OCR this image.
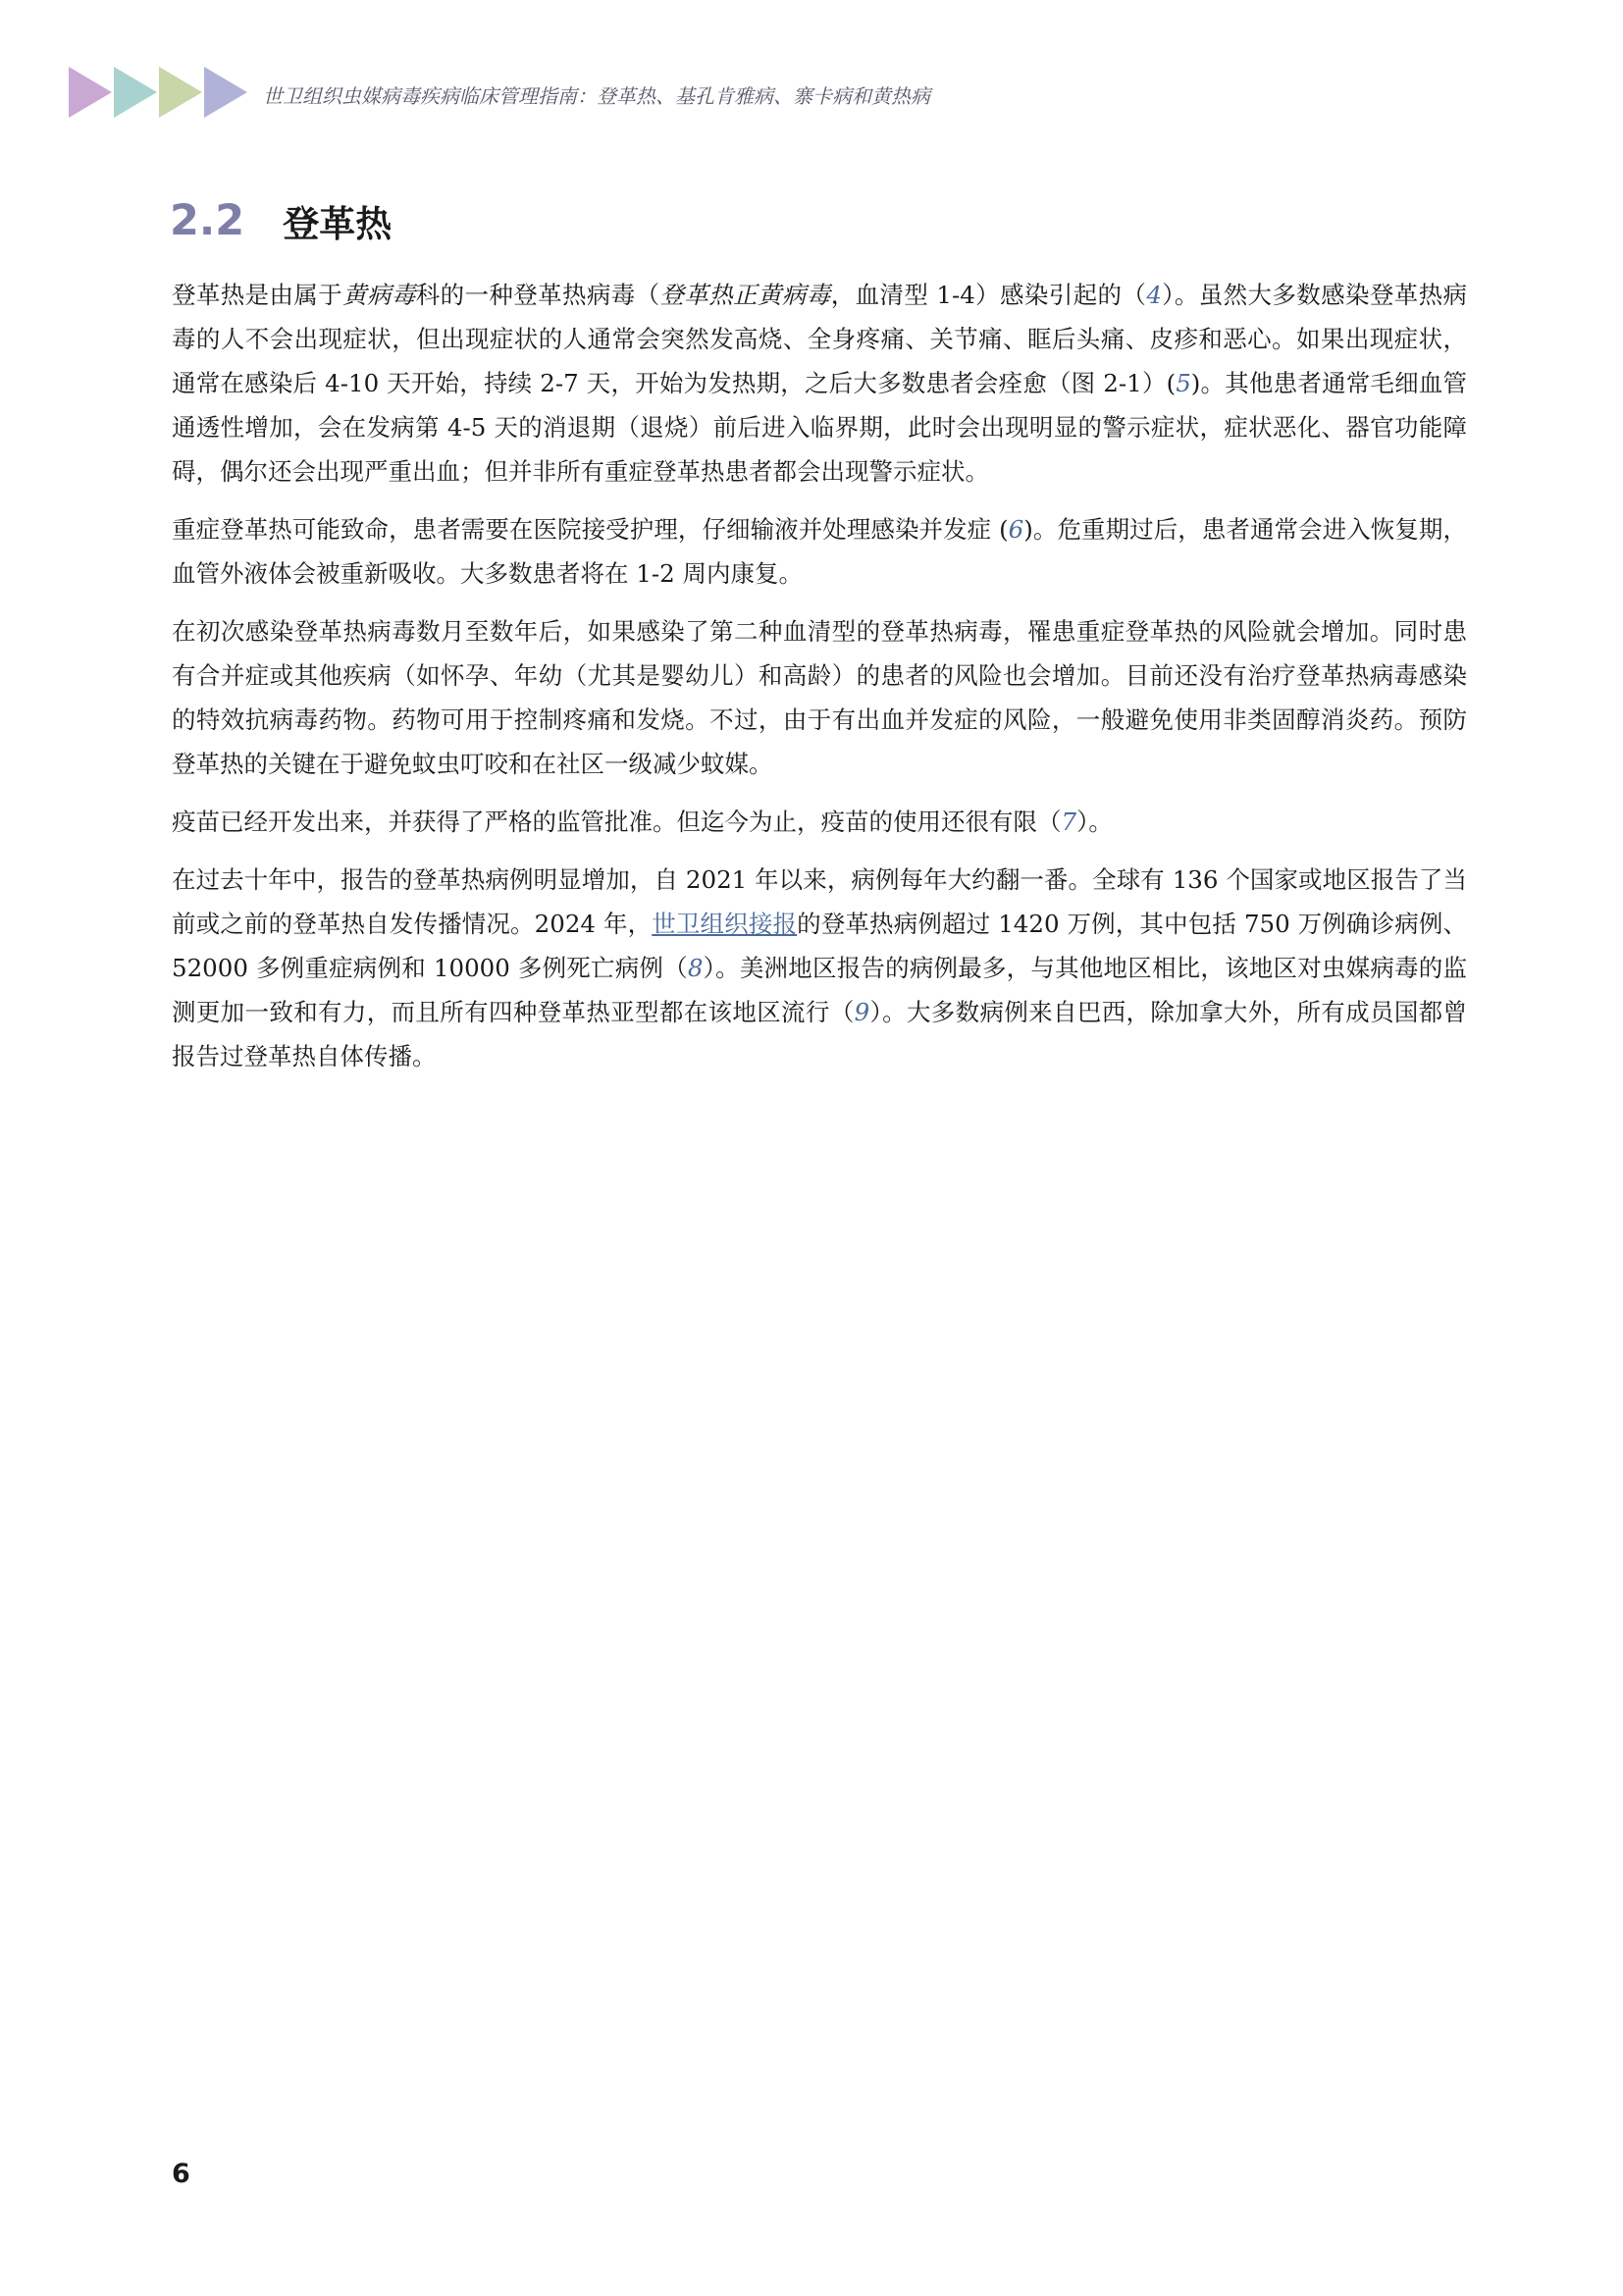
世卫组织虫媒病毒疾病临床管理指南：登革热、基孔肯雅病、寨卡病和黄热病
2.2 登革热

登革热是由属于黄病毒科的一种登革热病毒（登革热正黄病毒，血清型 1-4）感染引起的（4）。虽然大多数感染登革热病毒的人不会出现症状，但出现症状的人通常会突然发高烧、全身疼痛、关节痛、眶后头痛、皮疹和恶心。如果出现症状，通常在感染后 4-10 天开始，持续 2-7 天，开始为发热期，之后大多数患者会痊愈（图 2-1）(5)。其他患者通常毛细血管通透性增加，会在发病第 4-5 天的消退期（退烧）前后进入临界期，此时会出现明显的警示症状，症状恶化、器官功能障碍，偶尔还会出现严重出血；但并非所有重症登革热患者都会出现警示症状。

重症登革热可能致命，患者需要在医院接受护理，仔细输液并处理感染并发症 (6)。危重期过后，患者通常会进入恢复期，血管外液体会被重新吸收。大多数患者将在 1-2 周内康复。

在初次感染登革热病毒数月至数年后，如果感染了第二种血清型的登革热病毒，罹患重症登革热的风险就会增加。同时患有合并症或其他疾病（如怀孕、年幼（尤其是婴幼儿）和高龄）的患者的风险也会增加。目前还没有治疗登革热病毒感染的特效抗病毒药物。药物可用于控制疼痛和发烧。不过，由于有出血并发症的风险，一般避免使用非类固醇消炎药。预防登革热的关键在于避免蚊虫叮咬和在社区一级减少蚊媒。

疫苗已经开发出来，并获得了严格的监管批准。但迄今为止，疫苗的使用还很有限（7）。

在过去十年中，报告的登革热病例明显增加，自 2021 年以来，病例每年大约翻一番。全球有 136 个国家或地区报告了当前或之前的登革热自发传播情况。2024 年，世卫组织接报的登革热病例超过 1420 万例，其中包括 750 万例确诊病例、52000 多例重症病例和 10000 多例死亡病例（8）。美洲地区报告的病例最多，与其他地区相比，该地区对虫媒病毒的监测更加一致和有力，而且所有四种登革热亚型都在该地区流行（9）。大多数病例来自巴西，除加拿大外，所有成员国都曾报告过登革热自体传播。

6
